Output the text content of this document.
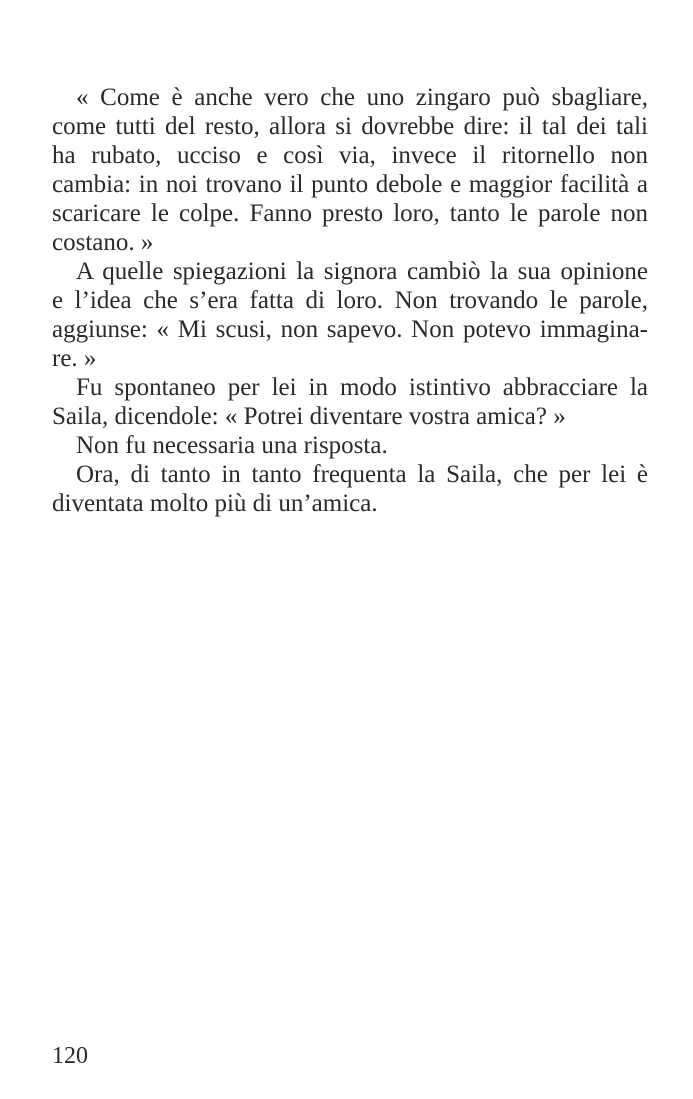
« Come è anche vero che uno zingaro può sbagliare,
come tutti del resto, allora si dovrebbe dire: il tal dei tali
ha rubato, ucciso e così via, invece il ritornello non
cambia: in noi trovano il punto debole e maggior facilità a
scaricare le colpe. Fanno presto loro, tanto le parole non
costano. »
A quelle spiegazioni la signora cambiò la sua opinione
e l’idea che s’era fatta di loro. Non trovando le parole,
aggiunse: « Mi scusi, non sapevo. Non potevo immagina-
re. »
Fu spontaneo per lei in modo istintivo abbracciare la
Saila, dicendole: « Potrei diventare vostra amica? »
Non fu necessaria una risposta.
Ora, di tanto in tanto frequenta la Saila, che per lei è
diventata molto più di un’amica.
120
